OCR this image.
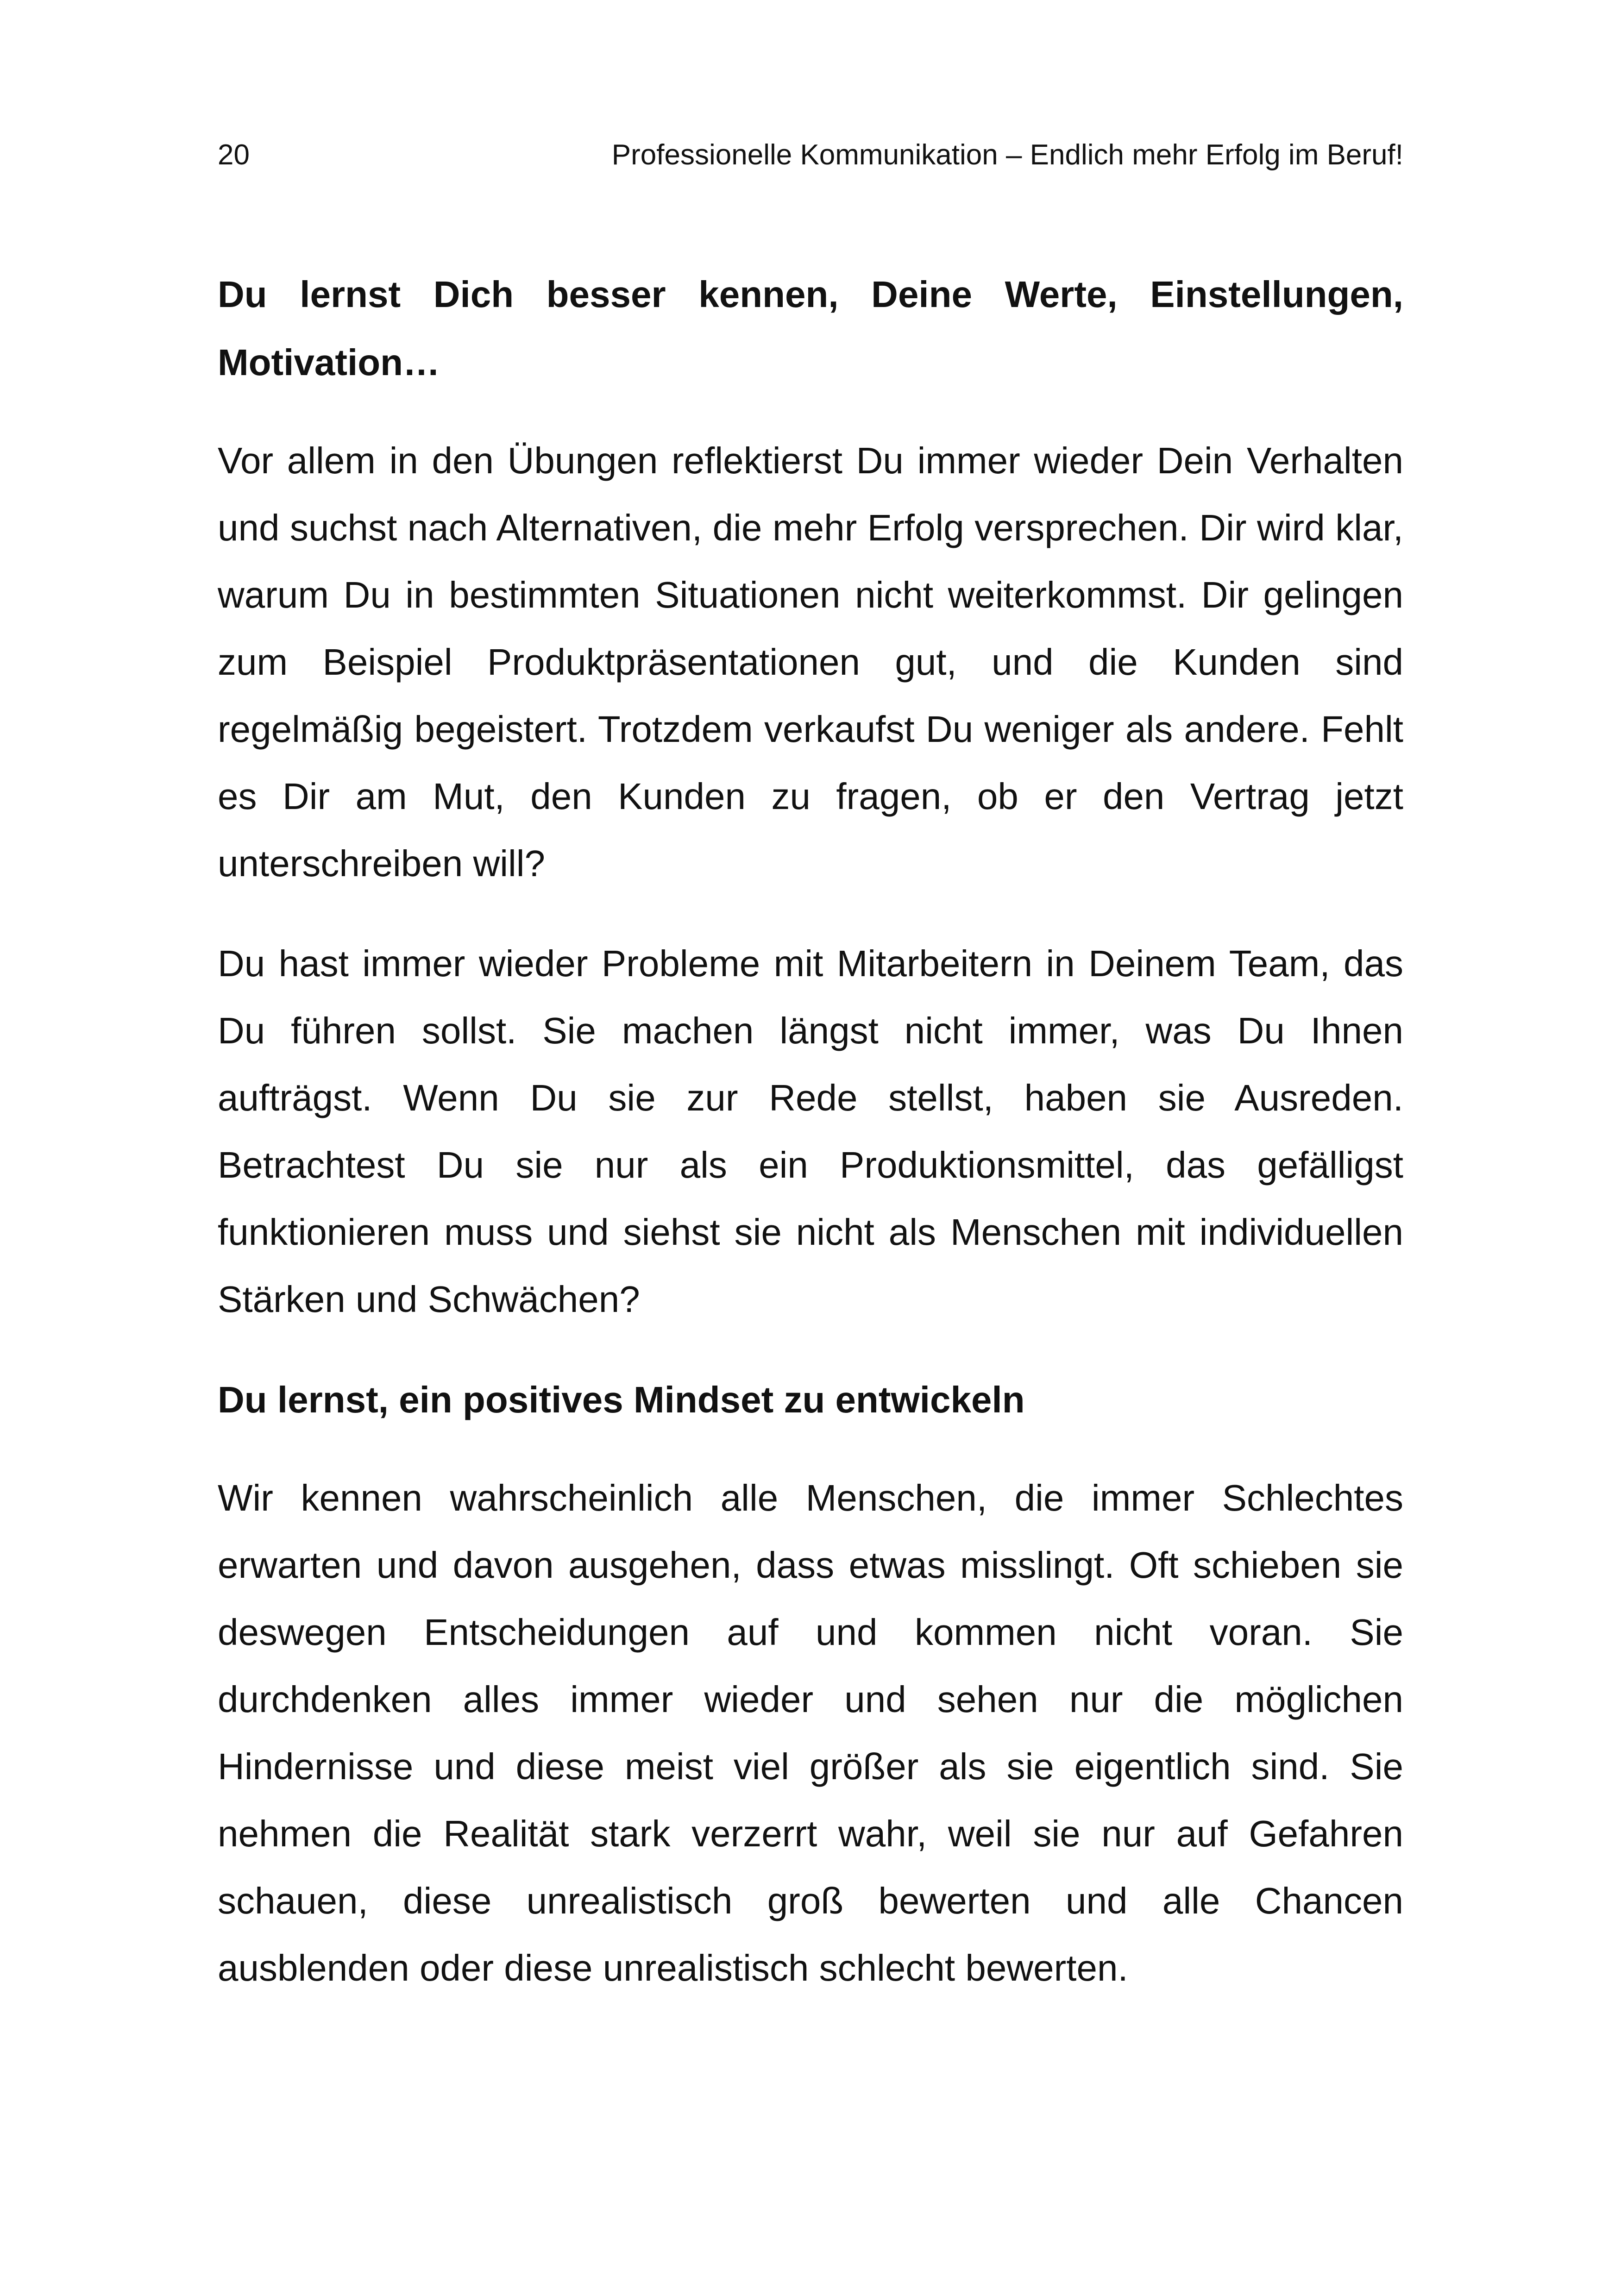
20	Professionelle Kommunikation – Endlich mehr Erfolg im Beruf!
Du lernst Dich besser kennen, Deine Werte, Einstellungen, Motivation…

Vor allem in den Übungen reflektierst Du immer wieder Dein Verhalten und suchst nach Alternativen, die mehr Erfolg versprechen. Dir wird klar, warum Du in bestimmten Situationen nicht weiterkommst. Dir gelingen zum Beispiel Produktpräsentationen gut, und die Kunden sind regelmäßig begeistert. Trotzdem verkaufst Du weniger als andere. Fehlt es Dir am Mut, den Kunden zu fragen, ob er den Vertrag jetzt unterschreiben will?

Du hast immer wieder Probleme mit Mitarbeitern in Deinem Team, das Du führen sollst. Sie machen längst nicht immer, was Du Ihnen aufträgst. Wenn Du sie zur Rede stellst, haben sie Ausreden. Betrachtest Du sie nur als ein Produktionsmittel, das gefälligst funktionieren muss und siehst sie nicht als Menschen mit individuellen Stärken und Schwächen?

Du lernst, ein positives Mindset zu entwickeln

Wir kennen wahrscheinlich alle Menschen, die immer Schlechtes erwarten und davon ausgehen, dass etwas misslingt. Oft schieben sie deswegen Entscheidungen auf und kommen nicht voran. Sie durchdenken alles immer wieder und sehen nur die möglichen Hindernisse und diese meist viel größer als sie eigentlich sind. Sie nehmen die Realität stark verzerrt wahr, weil sie nur auf Gefahren schauen, diese unrealistisch groß bewerten und alle Chancen ausblenden oder diese unrealistisch schlecht bewerten.
